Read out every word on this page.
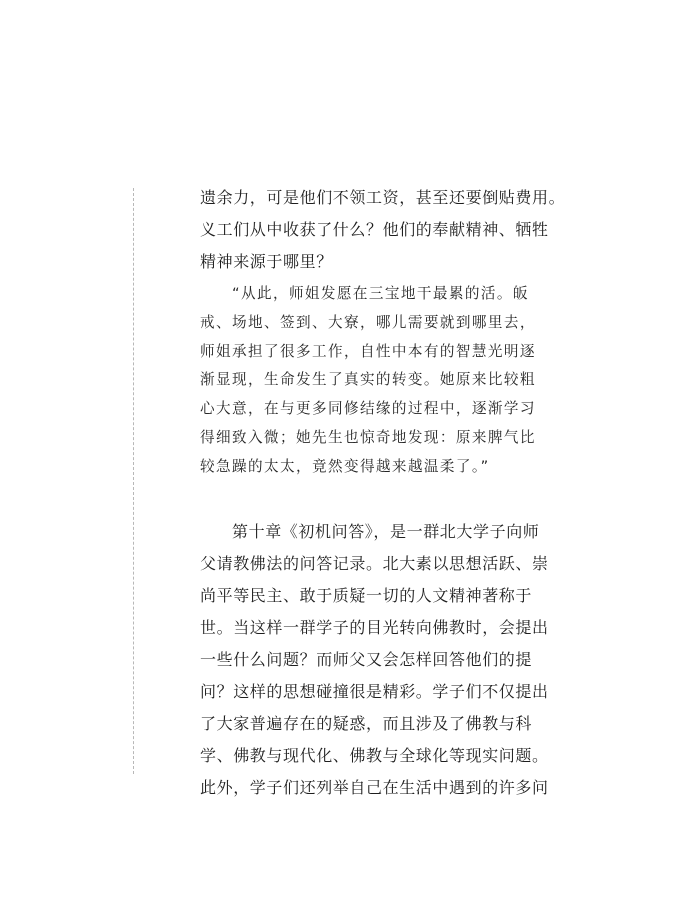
遗余力，可是他们不领工资，甚至还要倒贴费用。
义工们从中收获了什么？他们的奉献精神、牺牲
精神来源于哪里？
“从此，师姐发愿在三宝地干最累的活。皈
戒、场地、签到、大寮，哪儿需要就到哪里去，
师姐承担了很多工作，自性中本有的智慧光明逐
渐显现，生命发生了真实的转变。她原来比较粗
心大意，在与更多同修结缘的过程中，逐渐学习
得细致入微；她先生也惊奇地发现：原来脾气比
较急躁的太太，竟然变得越来越温柔了。”
第十章《初机问答》，是一群北大学子向师
父请教佛法的问答记录。北大素以思想活跃、崇
尚平等民主、敢于质疑一切的人文精神著称于
世。当这样一群学子的目光转向佛教时，会提出
一些什么问题？而师父又会怎样回答他们的提
问？这样的思想碰撞很是精彩。学子们不仅提出
了大家普遍存在的疑惑，而且涉及了佛教与科
学、佛教与现代化、佛教与全球化等现实问题。
此外，学子们还列举自己在生活中遇到的许多问
